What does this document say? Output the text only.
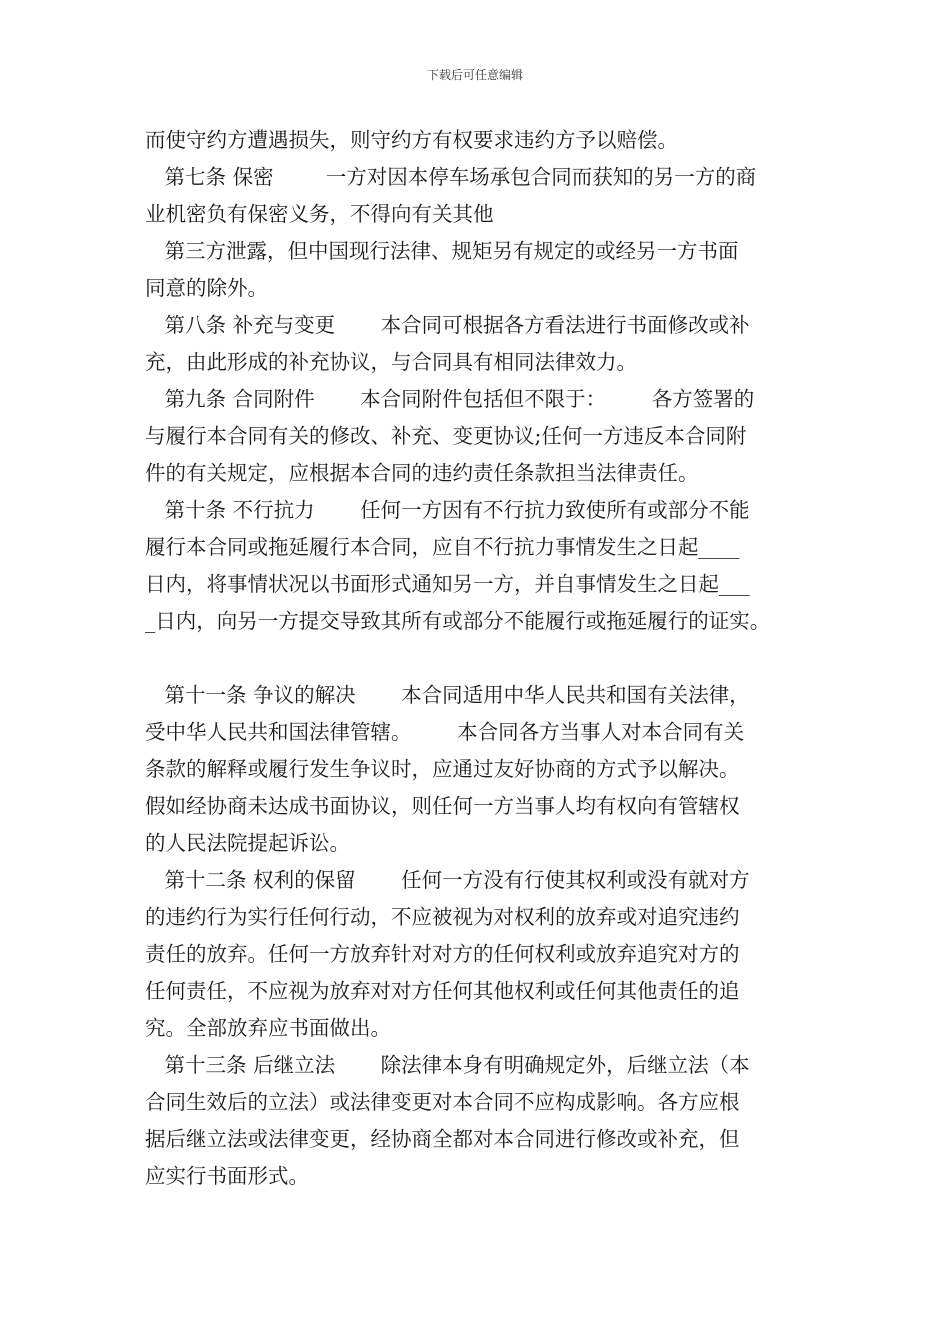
下载后可任意编辑
而使守约方遭遇损失，则守约方有权要求违约方予以赔偿。
第七条 保密        一方对因本停车场承包合同而获知的另一方的商
业机密负有保密义务，不得向有关其他
第三方泄露，但中国现行法律、规矩另有规定的或经另一方书面
同意的除外。
第八条 补充与变更       本合同可根据各方看法进行书面修改或补
充，由此形成的补充协议，与合同具有相同法律效力。
第九条 合同附件       本合同附件包括但不限于：       各方签署的
与履行本合同有关的修改、补充、变更协议;任何一方违反本合同附
件的有关规定，应根据本合同的违约责任条款担当法律责任。
第十条 不行抗力       任何一方因有不行抗力致使所有或部分不能
履行本合同或拖延履行本合同，应自不行抗力事情发生之日起____
日内，将事情状况以书面形式通知另一方，并自事情发生之日起___
_日内，向另一方提交导致其所有或部分不能履行或拖延履行的证实。
第十一条 争议的解决       本合同适用中华人民共和国有关法律，
受中华人民共和国法律管辖。       本合同各方当事人对本合同有关
条款的解释或履行发生争议时，应通过友好协商的方式予以解决。
假如经协商未达成书面协议，则任何一方当事人均有权向有管辖权
的人民法院提起诉讼。
第十二条 权利的保留       任何一方没有行使其权利或没有就对方
的违约行为实行任何行动，不应被视为对权利的放弃或对追究违约
责任的放弃。任何一方放弃针对对方的任何权利或放弃追究对方的
任何责任，不应视为放弃对对方任何其他权利或任何其他责任的追
究。全部放弃应书面做出。
第十三条 后继立法       除法律本身有明确规定外，后继立法（本
合同生效后的立法）或法律变更对本合同不应构成影响。各方应根
据后继立法或法律变更，经协商全都对本合同进行修改或补充，但
应实行书面形式。
